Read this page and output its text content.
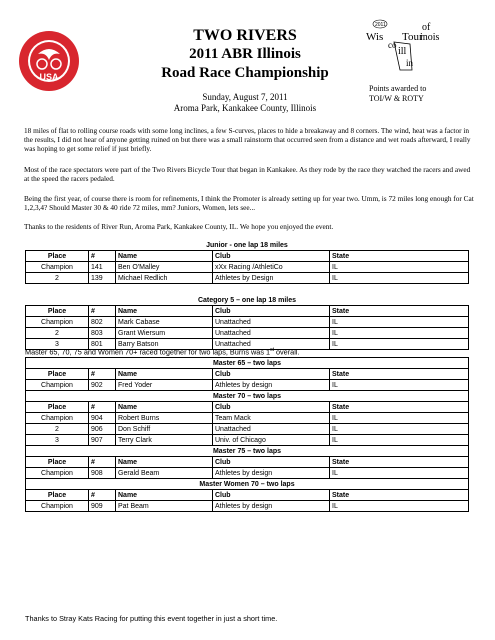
USA
TWO RIVERS
2011 ABR Illinois
Road Race Championship
Sunday, August 7, 2011
Aroma Park, Kankakee County, Illinois
Wis
co
Tour
of
inois
ill
in
2011
Points awarded to
TOI/W & ROTY
18 miles of flat to rolling course roads with some long inclines, a few S-curves, places to hide a breakaway and 8 corners. The wind, heat was a factor in the results, I did not hear of anyone getting ruined on but there was a small rainstorm that occurred seen from a distance and wet roads afterward, I really was hoping to get some relief if just briefly.
Most of the race spectators were part of the Two Rivers Bicycle Tour that began in Kankakee. As they rode by the race they watched the racers and awed at the speed the racers pedaled.
Being the first year, of course there is room for refinements, I think the Promoter is already setting up for year two. Umm, is 72 miles long enough for Cat 1,2,3,4? Should Master 30 & 40 ride 72 miles, mm? Juniors, Women, lets see...
Thanks to the residents of River Run, Aroma Park, Kankakee County, IL. We hope you enjoyed the event.
Junior - one lap 18 miles				
Place	#	Name	Club	State
Champion	141	Ben O'Malley	xXx Racing /AthletiCo	IL
2	139	Michael Redlich	Athletes by Design	IL
Category 5 – one lap 18 miles				
Place	#	Name	Club	State
Champion	802	Mark Cabase	Unattached	IL
2	803	Grant Wiersum	Unattached	IL
3	801	Barry Batson	Unattached	IL
Master 65, 70, 75 and Women 70+ raced together for two laps, Burns was 1st overall.
Master 65 – two laps				
Place	#	Name	Club	State
Champion	902	Fred Yoder	Athletes by design	IL
Master 70 – two laps				
Place	#	Name	Club	State
Champion	904	Robert Burns	Team Mack	IL
2	906	Don Schiff	Unattached	IL
3	907	Terry Clark	Univ. of Chicago	IL
Master 75 – two laps				
Place	#	Name	Club	State
Champion	908	Gerald Beam	Athletes by design	IL
Master Women 70 – two laps				
Place	#	Name	Club	State
Champion	909	Pat Beam	Athletes by design	IL
Thanks to Stray Kats Racing for putting this event together in just a short time.
